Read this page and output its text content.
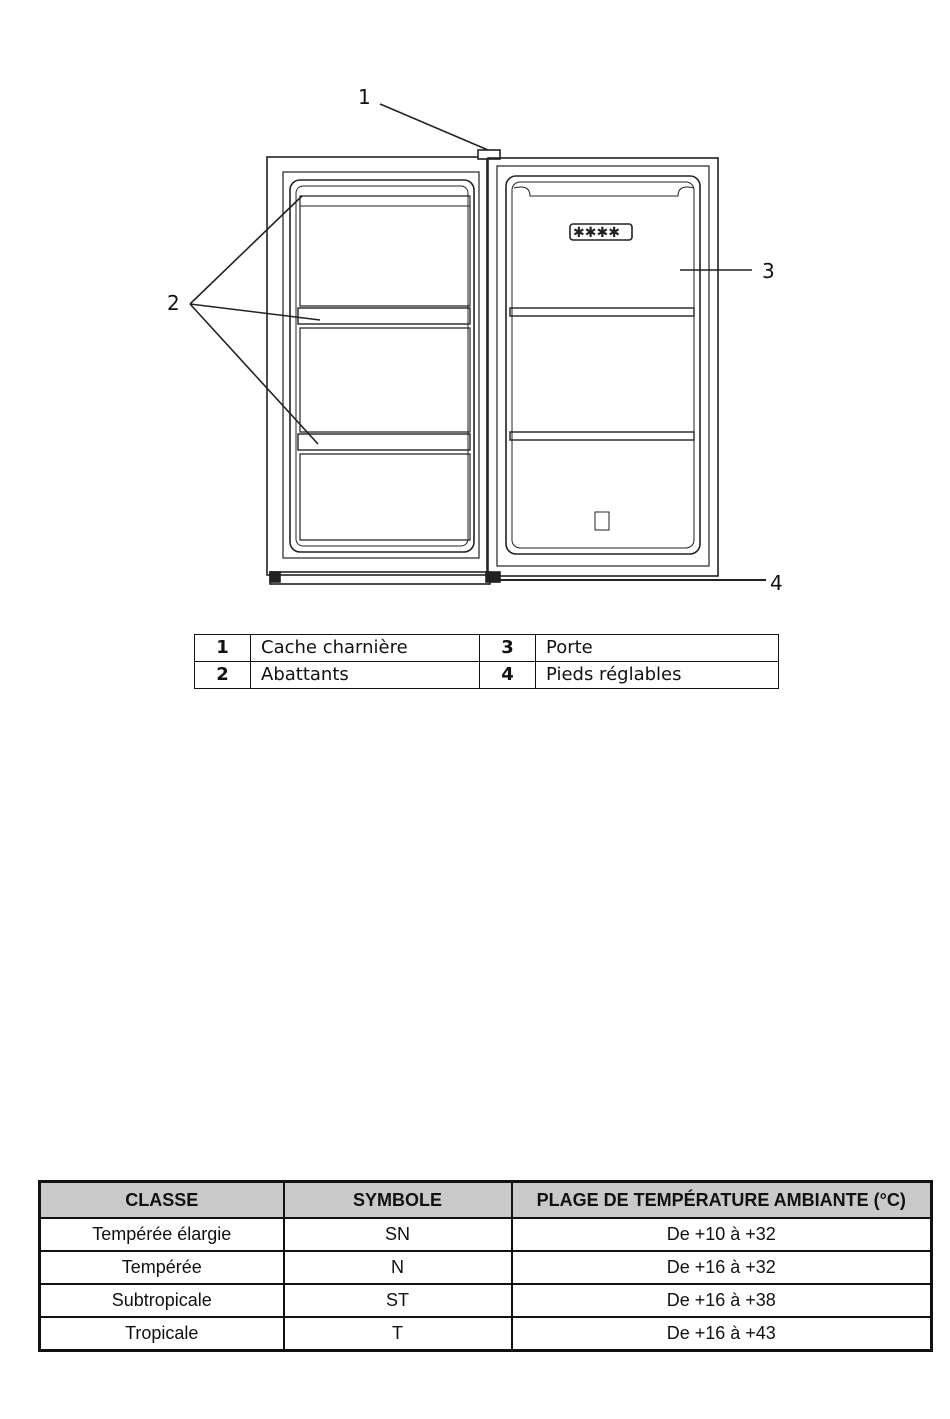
✱✱✱✱
1
2
3
4
1	Cache charnière	3	Porte
2	Abattants	4	Pieds réglables
CLASSE	SYMBOLE	PLAGE DE TEMPÉRATURE AMBIANTE (°C)
Tempérée élargie	SN	De +10 à +32
Tempérée	N	De +16 à +32
Subtropicale	ST	De +16 à +38
Tropicale	T	De +16 à +43
